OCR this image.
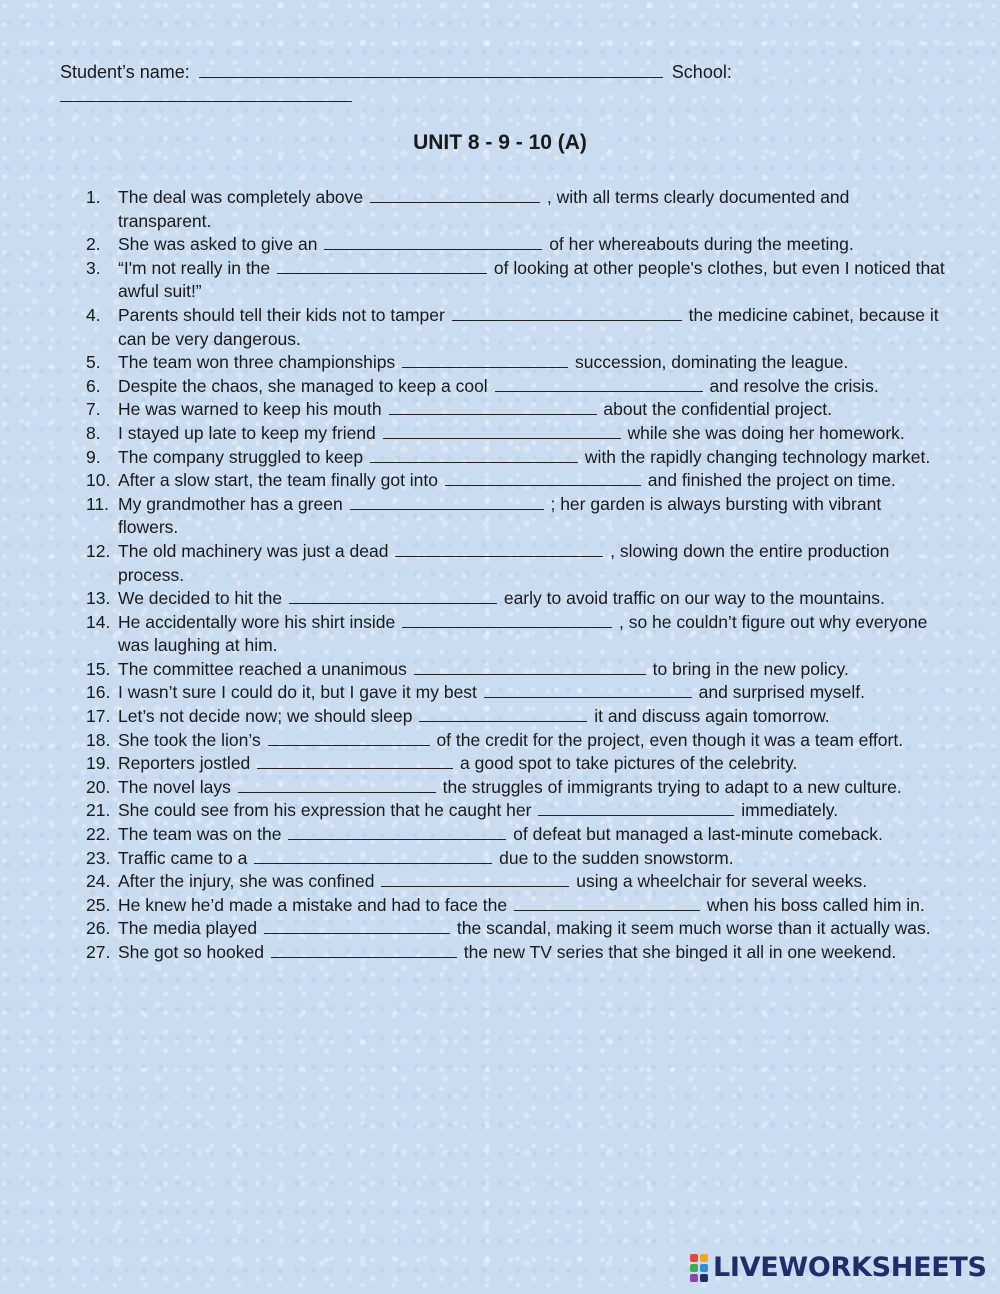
Student’s name:	School:

UNIT 8 - 9 - 10 (A)
1. The deal was completely above	, with all terms clearly documented and transparent.
2. She was asked to give an	of her whereabouts during the meeting.
3. “I'm not really in the	of looking at other people's clothes, but even I noticed that awful suit!”
4. Parents should tell their kids not to tamper	the medicine cabinet, because it can be very dangerous.
5. The team won three championships	succession, dominating the league.
6. Despite the chaos, she managed to keep a cool	and resolve the crisis.
7. He was warned to keep his mouth	about the confidential project.
8. I stayed up late to keep my friend	while she was doing her homework.
9. The company struggled to keep	with the rapidly changing technology market.
10. After a slow start, the team finally got into	and finished the project on time.
11. My grandmother has a green	; her garden is always bursting with vibrant flowers.
12. The old machinery was just a dead	, slowing down the entire production process.
13. We decided to hit the	early to avoid traffic on our way to the mountains.
14. He accidentally wore his shirt inside	, so he couldn’t figure out why everyone was laughing at him.
15. The committee reached a unanimous	to bring in the new policy.
16. I wasn’t sure I could do it, but I gave it my best	and surprised myself.
17. Let’s not decide now; we should sleep	it and discuss again tomorrow.
18. She took the lion’s	of the credit for the project, even though it was a team effort.
19. Reporters jostled	a good spot to take pictures of the celebrity.
20. The novel lays	the struggles of immigrants trying to adapt to a new culture.
21. She could see from his expression that he caught her	immediately.
22. The team was on the	of defeat but managed a last-minute comeback.
23. Traffic came to a	due to the sudden snowstorm.
24. After the injury, she was confined	using a wheelchair for several weeks.
25. He knew he’d made a mistake and had to face the	when his boss called him in.
26. The media played	the scandal, making it seem much worse than it actually was.
27. She got so hooked	the new TV series that she binged it all in one weekend.
LIVEWORKSHEETS
